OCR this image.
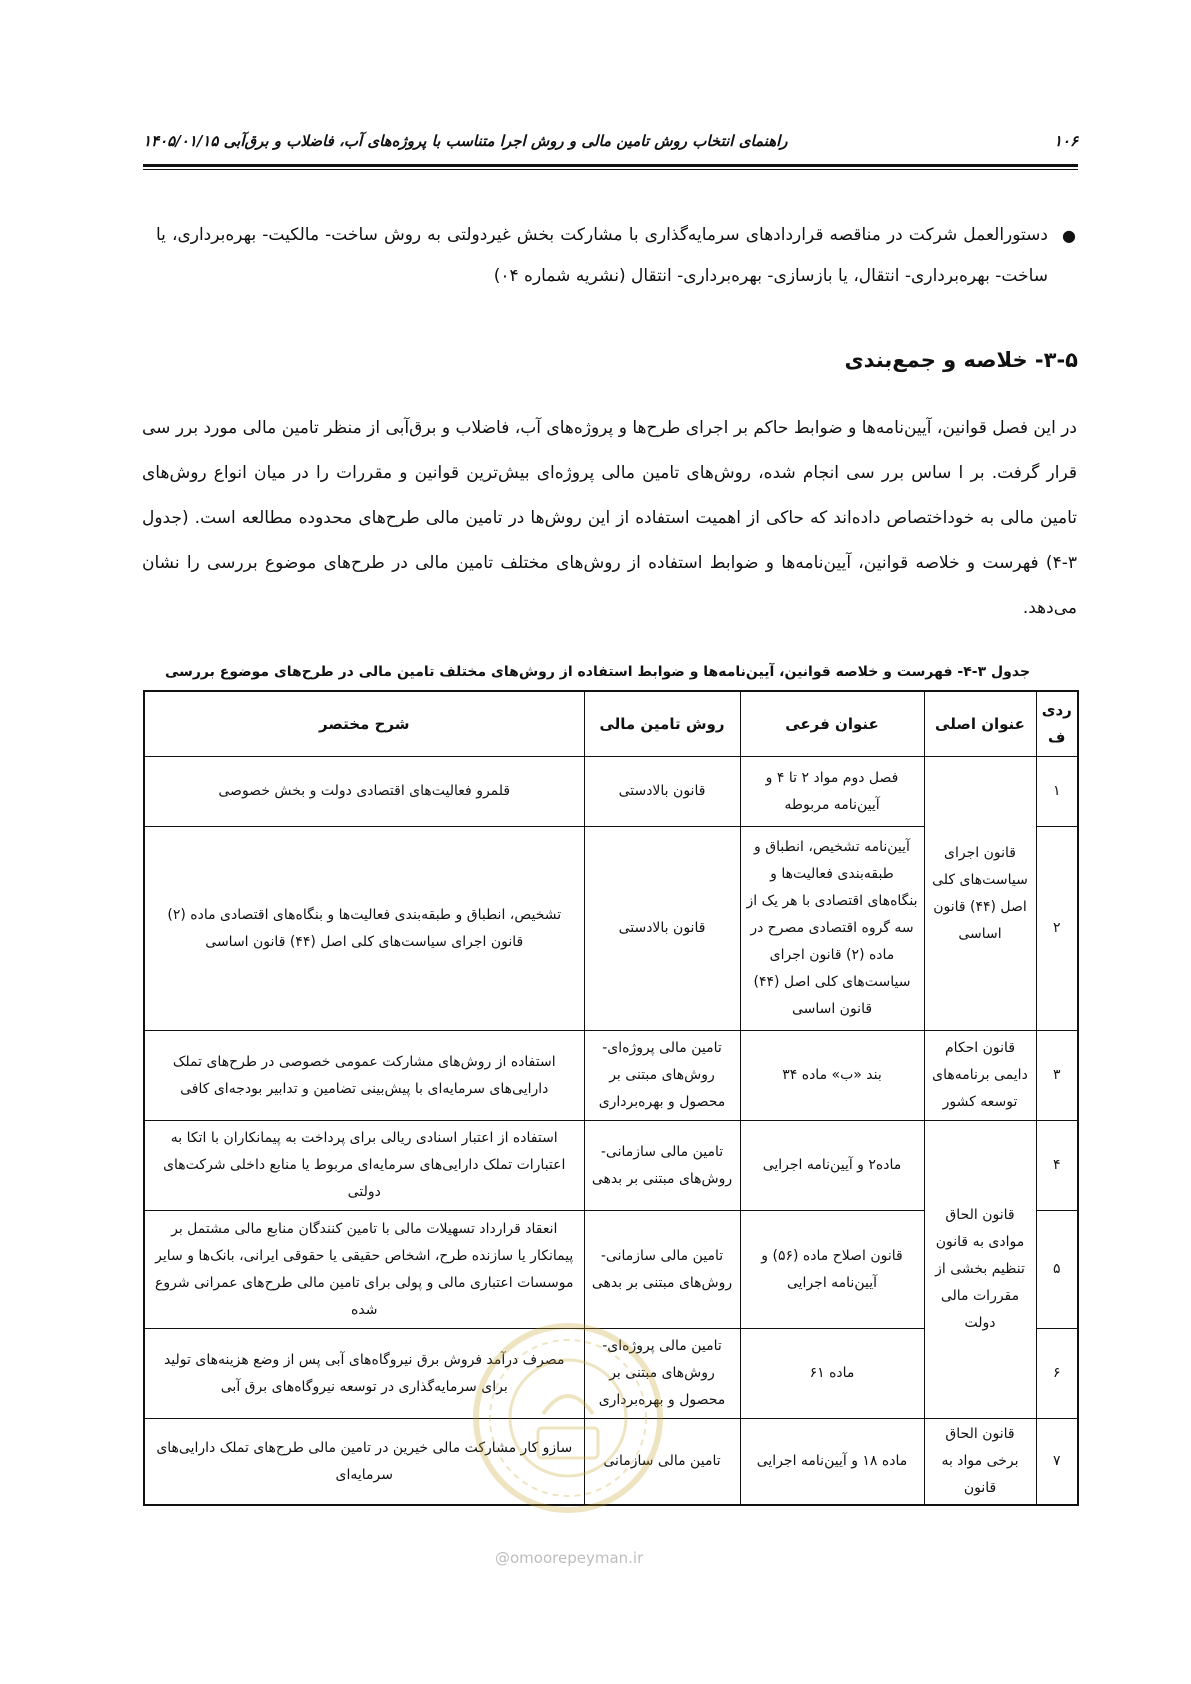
۱۰۶
راهنمای انتخاب روش تامین مالی و روش اجرا متناسب با پروژه‌های آب، فاضلاب و برق‌آبی ۱۴۰۵/۰۱/۱۵
●
دستورالعمل شرکت در مناقصه قراردادهای سرمایه‌گذاری با مشارکت بخش غیردولتی به روش ساخت- مالکیت- بهره‌برداری، یا ساخت- بهره‌برداری- انتقال، یا بازسازی- بهره‌برداری- انتقال (نشریه شماره ۰۴)
۳-۵- خلاصه و جمع‌بندی
در این فصل قوانین، آیین‌نامه‌ها و ضوابط حاکم بر اجرای طرح‌ها و پروژه‌های آب، فاضلاب و برق‌آبی از منظر تامین مالی مورد برر سی قرار گرفت. بر ا ساس برر سی انجام شده، روش‌های تامین مالی پروژه‌ای بیش‌ترین قوانین و مقررات را در میان انواع روش‌های تامین مالی به خوداختصاص داده‌اند که حاکی از اهمیت استفاده از این روش‌ها در تامین مالی طرح‌های محدوده مطالعه است. (جدول ۳-۴) فهرست و خلاصه قوانین، آیین‌نامه‌ها و ضوابط استفاده از روش‌های مختلف تامین مالی در طرح‌های موضوع بررسی را نشان می‌دهد.
جدول ۳-۴- فهرست و خلاصه قوانین، آیین‌نامه‌ها و ضوابط استفاده از روش‌های مختلف تامین مالی در طرح‌های موضوع بررسی
ردی ف	عنوان اصلی	عنوان فرعی	روش تامین مالی	شرح مختصر
۱	قانون اجرای سیاست‌های کلی اصل (۴۴) قانون اساسی	فصل دوم مواد ۲ تا ۴ و آیین‌نامه مربوطه	قانون بالادستی	قلمرو فعالیت‌های اقتصادی دولت و بخش خصوصی
۲		آیین‌نامه تشخیص، انطباق و طبقه‌بندی فعالیت‌ها و بنگاه‌های اقتصادی با هر یک از سه گروه اقتصادی مصرح در ماده (۲) قانون اجرای سیاست‌های کلی اصل (۴۴) قانون اساسی	قانون بالادستی	تشخیص، انطباق و طبقه‌بندی فعالیت‌ها و بنگاه‌های اقتصادی ماده (۲) قانون اجرای سیاست‌های کلی اصل (۴۴) قانون اساسی
۳	قانون احکام دایمی برنامه‌های توسعه کشور	بند «ب» ماده ۳۴	تامین مالی پروژه‌ای- روش‌های مبتنی بر محصول و بهره‌برداری	استفاده از روش‌های مشارکت عمومی خصوصی در طرح‌های تملک دارایی‌های سرمایه‌ای با پیش‌بینی تضامین و تدابیر بودجه‌ای کافی
۴	قانون الحاق موادی به قانون تنظیم بخشی از مقررات مالی دولت	ماده۲ و آیین‌نامه اجرایی	تامین مالی سازمانی- روش‌های مبتنی بر بدهی	استفاده از اعتبار اسنادی ریالی برای پرداخت به پیمانکاران با اتکا به اعتبارات تملک دارایی‌های سرمایه‌ای مربوط یا منابع داخلی شرکت‌های دولتی
۵		قانون اصلاح ماده (۵۶) و آیین‌نامه اجرایی	تامین مالی سازمانی- روش‌های مبتنی بر بدهی	انعقاد قرارداد تسهیلات مالی با تامین کنندگان منابع مالی مشتمل بر پیمانکار یا سازنده طرح، اشخاص حقیقی یا حقوقی ایرانی، بانک‌ها و سایر موسسات اعتباری مالی و پولی برای تامین مالی طرح‌های عمرانی شروع شده
۶		ماده ۶۱	تامین مالی پروژه‌ای- روش‌های مبتنی بر محصول و بهره‌برداری	مصرف درآمد فروش برق نیروگاه‌های آبی پس از وضع هزینه‌های تولید برای سرمایه‌گذاری در توسعه نیروگاه‌های برق آبی
۷	قانون الحاق برخی مواد به قانون	ماده ۱۸ و آیین‌نامه اجرایی	تامین مالی سازمانی	سازو کار مشارکت مالی خیرین در تامین مالی طرح‌های تملک دارایی‌های سرمایه‌ای
@omoorepeyman.ir
